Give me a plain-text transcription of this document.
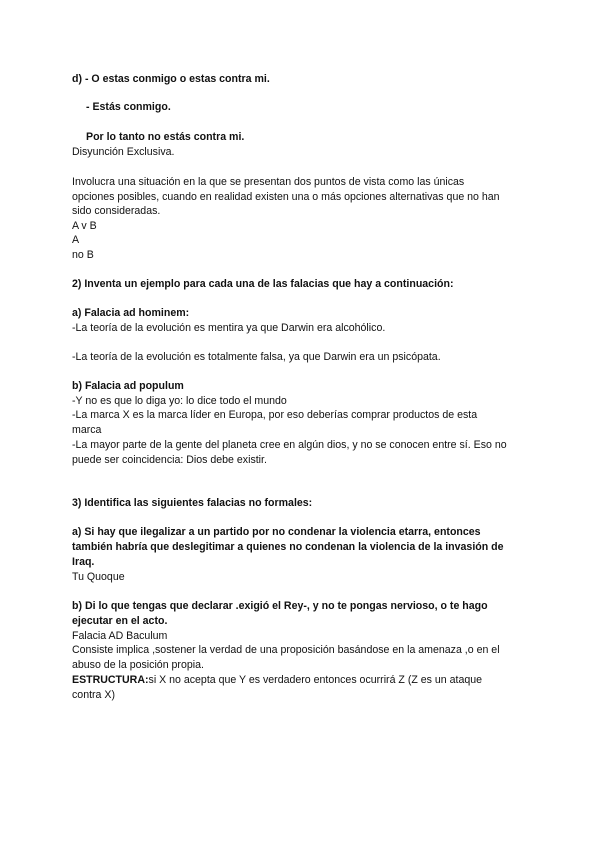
d) - O estas conmigo o estas contra mi.
- Estás conmigo.
Por lo tanto no estás contra mi.
Disyunción Exclusiva.
Involucra una situación en la que se presentan dos puntos de vista como las únicas
opciones posibles, cuando en realidad existen una o más opciones alternativas que no han
sido consideradas.
A v B
A
no B
2) Inventa un ejemplo para cada una de las falacias que hay a continuación:
a) Falacia ad hominem:
-La teoría de la evolución es mentira ya que Darwin era alcohólico.
-La teoría de la evolución es totalmente falsa, ya que Darwin era un psicópata.
b) Falacia ad populum
-Y no es que lo diga yo: lo dice todo el mundo
-La marca X es la marca líder en Europa, por eso deberías comprar productos de esta
marca
-La mayor parte de la gente del planeta cree en algún dios, y no se conocen entre sí. Eso no
puede ser coincidencia: Dios debe existir.
3) Identifica las siguientes falacias no formales:
a) Si hay que ilegalizar a un partido por no condenar la violencia etarra, entonces
también habría que deslegitimar a quienes no condenan la violencia de la invasión de
Iraq.
Tu Quoque
b) Di lo que tengas que declarar .exigió el Rey-, y no te pongas nervioso, o te hago
ejecutar en el acto.
Falacia AD Baculum
Consiste implica ,sostener la verdad de una proposición basándose en la amenaza ,o en el
abuso de la posición propia.
ESTRUCTURA:si X no acepta que Y es verdadero entonces ocurrirá Z (Z es un ataque
contra X)
